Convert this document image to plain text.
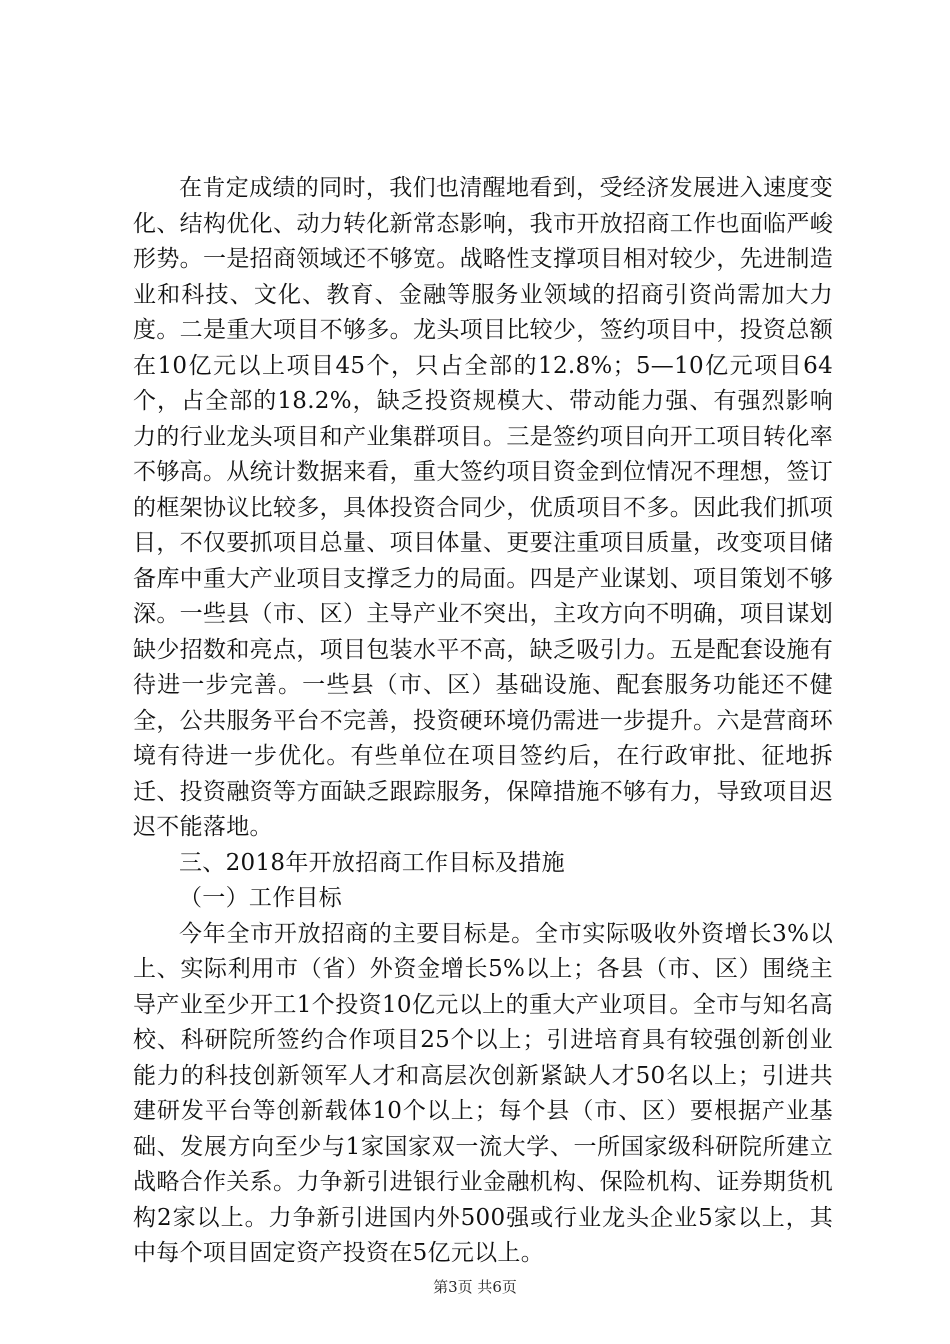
在肯定成绩的同时，我们也清醒地看到，受经济发展进入速度变化、结构优化、动力转化新常态影响，我市开放招商工作也面临严峻形势。一是招商领域还不够宽。战略性支撑项目相对较少，先进制造业和科技、文化、教育、金融等服务业领域的招商引资尚需加大力度。二是重大项目不够多。龙头项目比较少，签约项目中，投资总额在10亿元以上项目45个，只占全部的12.8%；5—10亿元项目64个，占全部的18.2%，缺乏投资规模大、带动能力强、有强烈影响力的行业龙头项目和产业集群项目。三是签约项目向开工项目转化率不够高。从统计数据来看，重大签约项目资金到位情况不理想，签订的框架协议比较多，具体投资合同少，优质项目不多。因此我们抓项目，不仅要抓项目总量、项目体量、更要注重项目质量，改变项目储备库中重大产业项目支撑乏力的局面。四是产业谋划、项目策划不够深。一些县（市、区）主导产业不突出，主攻方向不明确，项目谋划缺少招数和亮点，项目包装水平不高，缺乏吸引力。五是配套设施有待进一步完善。一些县（市、区）基础设施、配套服务功能还不健全，公共服务平台不完善，投资硬环境仍需进一步提升。六是营商环境有待进一步优化。有些单位在项目签约后，在行政审批、征地拆迁、投资融资等方面缺乏跟踪服务，保障措施不够有力，导致项目迟迟不能落地。

三、2018年开放招商工作目标及措施

（一）工作目标

今年全市开放招商的主要目标是。全市实际吸收外资增长3%以上、实际利用市（省）外资金增长5%以上；各县（市、区）围绕主导产业至少开工1个投资10亿元以上的重大产业项目。全市与知名高校、科研院所签约合作项目25个以上；引进培育具有较强创新创业能力的科技创新领军人才和高层次创新紧缺人才50名以上；引进共建研发平台等创新载体10个以上；每个县（市、区）要根据产业基础、发展方向至少与1家国家双一流大学、一所国家级科研院所建立战略合作关系。力争新引进银行业金融机构、保险机构、证券期货机构2家以上。力争新引进国内外500强或行业龙头企业5家以上，其中每个项目固定资产投资在5亿元以上。

第3页 共6页
